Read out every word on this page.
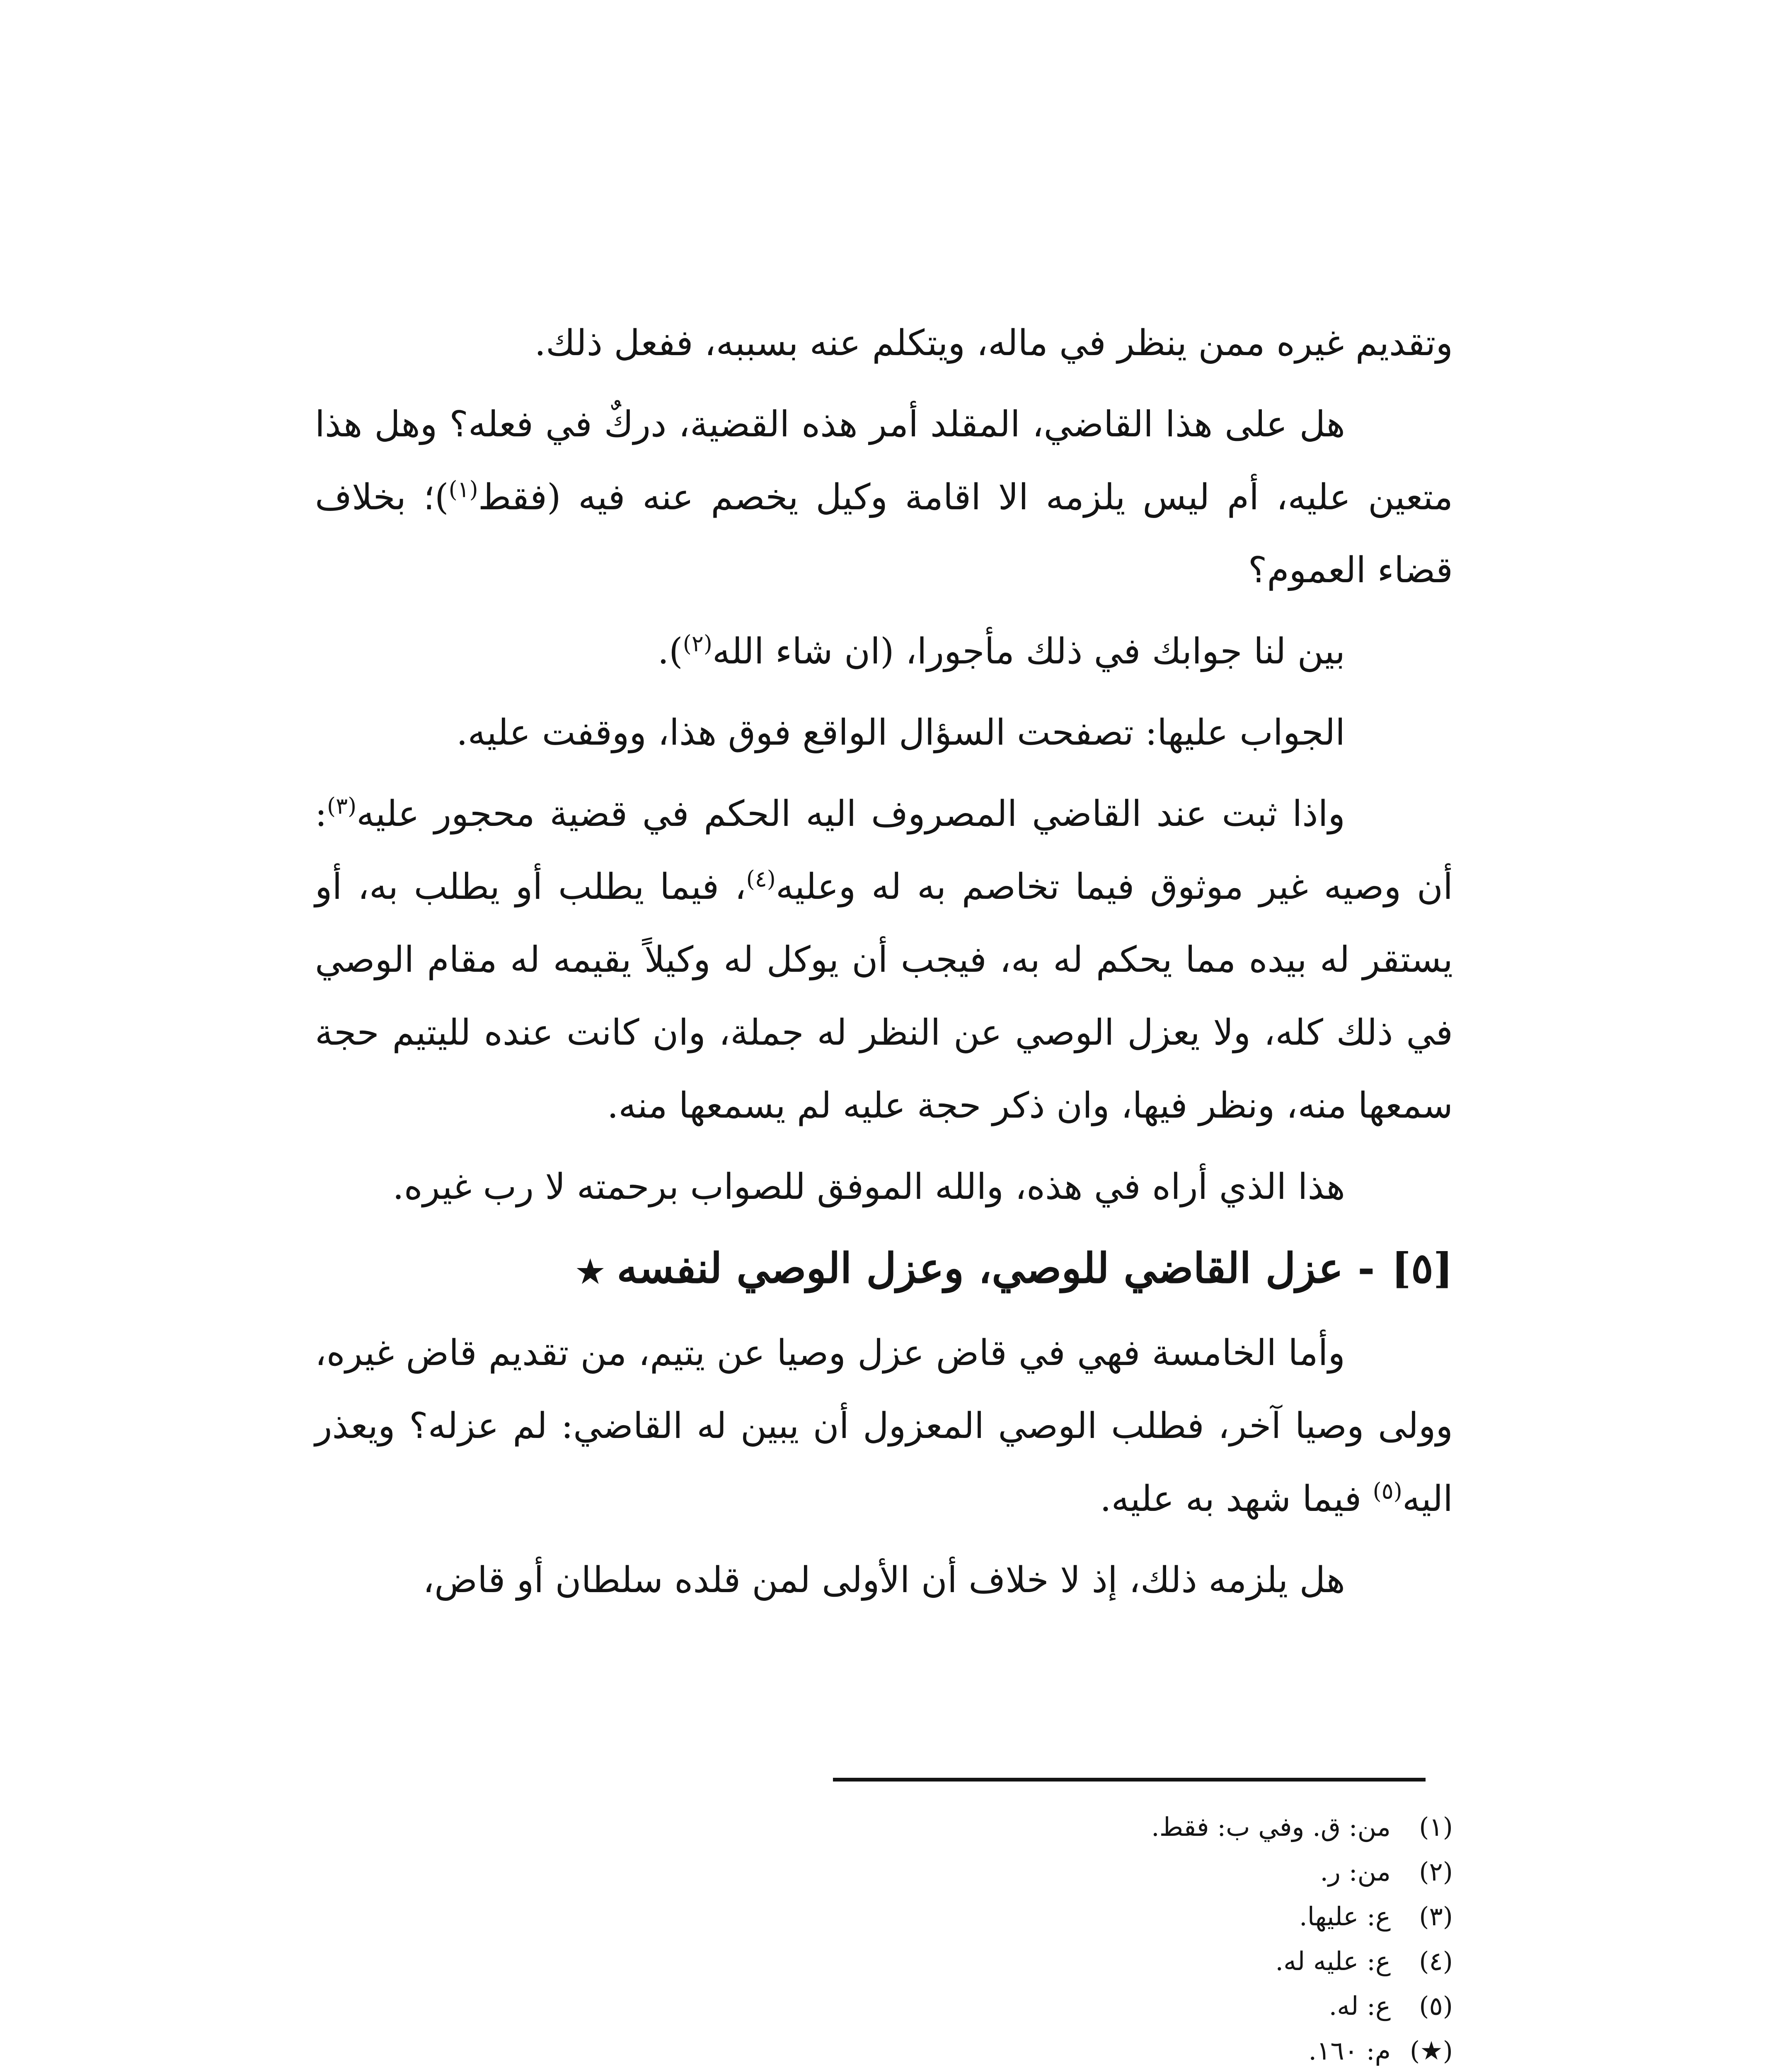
وتقديم غيره ممن ينظر في ماله، ويتكلم عنه بسببه، ففعل ذلك.

هل على هذا القاضي، المقلد أمر هذه القضية، دركٌ في فعله؟ وهل هذا متعين عليه، أم ليس يلزمه الا اقامة وكيل يخصم عنه فيه (فقط$^{(١)}$)؛ بخلاف قضاء العموم؟

بين لنا جوابك في ذلك مأجورا، (ان شاء الله$^{(٢)}$).

الجواب عليها: تصفحت السؤال الواقع فوق هذا، ووقفت عليه.

واذا ثبت عند القاضي المصروف اليه الحكم في قضية محجور عليه$^{(٣)}$: أن وصيه غير موثوق فيما تخاصم به له وعليه$^{(٤)}$، فيما يطلب أو يطلب به، أو يستقر له بيده مما يحكم له به، فيجب أن يوكل له وكيلاً يقيمه له مقام الوصي في ذلك كله، ولا يعزل الوصي عن النظر له جملة، وان كانت عنده لليتيم حجة سمعها منه، ونظر فيها، وان ذكر حجة عليه لم يسمعها منه.

هذا الذي أراه في هذه، والله الموفق للصواب برحمته لا رب غيره.

[٥]- عزل القاضي للوصي، وعزل الوصي لنفسه★

وأما الخامسة فهي في قاض عزل وصيا عن يتيم، من تقديم قاض غيره، وولى وصيا آخر، فطلب الوصي المعزول أن يبين له القاضي: لم عزله؟ ويعذر اليه$^{(٥)}$ فيما شهد به عليه.

هل يلزمه ذلك، إذ لا خلاف أن الأولى لمن قلده سلطان أو قاض،

(١)
من: ق. وفي ب: فقط.
(٢)
من: ر.
(٣)
ع: عليها.
(٤)
ع: عليه له.
(٥)
ع: له.
(★)
م: ١٦٠.
